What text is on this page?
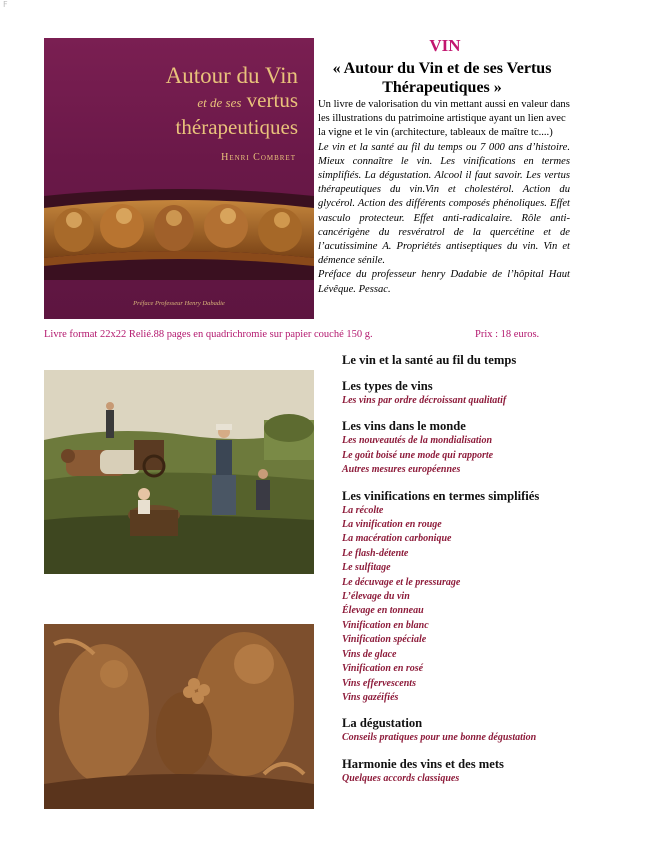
F
Autour du Vin
et de ses vertus
thérapeutiques
Henri Combret
Préface Professeur Henry Dabadie
VIN
« Autour du Vin et de ses Vertus Thérapeutiques »

Un livre de valorisation du vin mettant aussi en valeur dans les illustrations du patrimoine artistique ayant un lien avec la vigne et le vin (architecture, tableaux de maître tc....)

Le vin et la santé au fil du temps ou 7 000 ans d’histoire. Mieux connaître le vin. Les vinifications en termes simplifiés. La dégustation. Alcool il faut savoir. Les vertus thérapeutiques du vin.Vin et cholestérol. Action du glycérol. Action des différents composés phénoliques. Effet vasculo protecteur. Effet anti-radicalaire. Rôle anti-cancérigène du resvératrol de la quercétine et de l’acutissimine A. Propriétés antiseptiques du vin. Vin et démence sénile.

Préface du professeur henry Dadabie de l’hôpital Haut Lévêque. Pessac.

Livre format 22x22 Relié.88 pages en quadrichromie sur papier couché 150 g.	Prix : 18 euros.

Le vin et la santé au fil du temps

Les types de vins

Les vins par ordre décroissant qualitatif

Les vins dans le monde

Les nouveautés de la mondialisation

Le goût boisé une mode qui rapporte

Autres mesures européennes

Les vinifications en termes simplifiés

La récolte

La vinification en rouge

La macération carbonique

Le flash-détente

Le sulfitage

Le décuvage et le pressurage

L’élevage du vin

Élevage en tonneau

Vinification en blanc

Vinification spéciale

Vins de glace

Vinification en rosé

Vins effervescents

Vins gazéifiés

La dégustation

Conseils pratiques pour une bonne dégustation

Harmonie des vins et des mets

Quelques accords classiques
